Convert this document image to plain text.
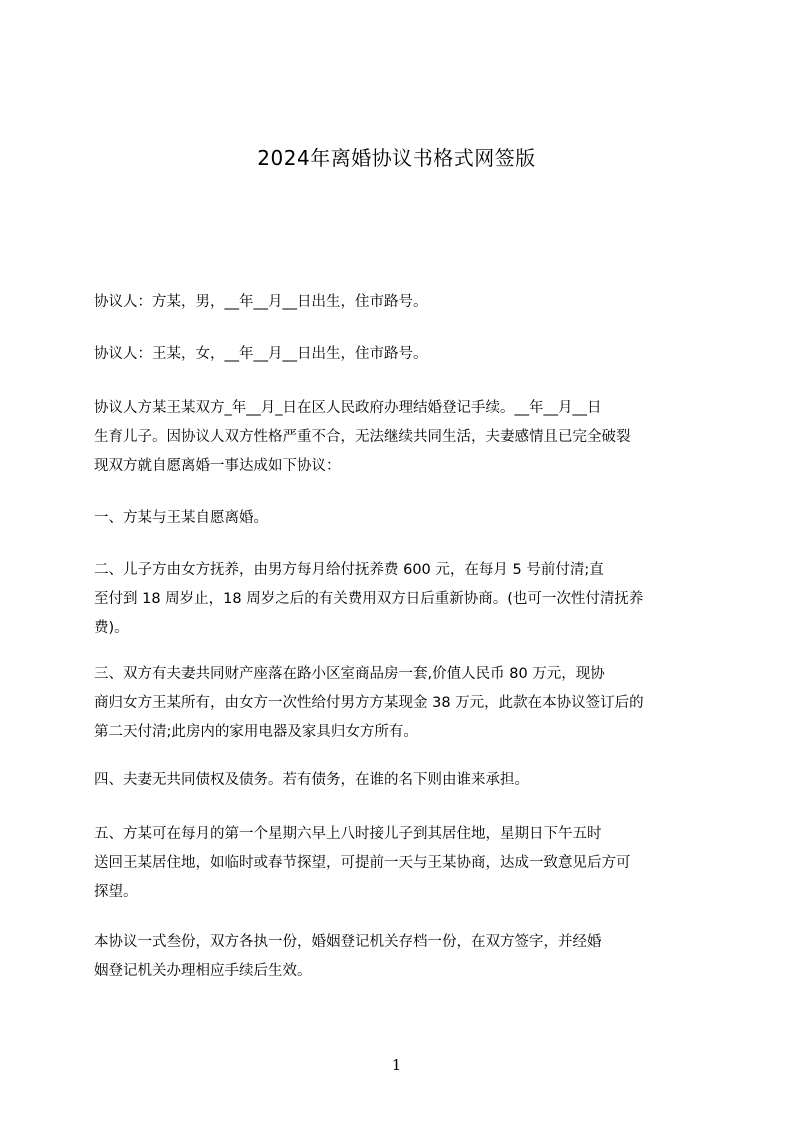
2024年离婚协议书格式网签版
协议人：方某，男，__年__月__日出生，住市路号。
协议人：王某，女，__年__月__日出生，住市路号。
协议人方某王某双方_年__月_日在区人民政府办理结婚登记手续。__年__月__日
生育儿子。因协议人双方性格严重不合，无法继续共同生活，夫妻感情且已完全破裂
现双方就自愿离婚一事达成如下协议：
一、方某与王某自愿离婚。
二、儿子方由女方抚养，由男方每月给付抚养费 600 元，在每月 5 号前付清;直
至付到 18 周岁止，18 周岁之后的有关费用双方日后重新协商。(也可一次性付清抚养
费)。
三、双方有夫妻共同财产座落在路小区室商品房一套,价值人民币 80 万元，现协
商归女方王某所有，由女方一次性给付男方方某现金 38 万元，此款在本协议签订后的
第二天付清;此房内的家用电器及家具归女方所有。
四、夫妻无共同债权及债务。若有债务，在谁的名下则由谁来承担。
五、方某可在每月的第一个星期六早上八时接儿子到其居住地，星期日下午五时
送回王某居住地，如临时或春节探望，可提前一天与王某协商，达成一致意见后方可
探望。
本协议一式叁份，双方各执一份，婚姻登记机关存档一份，在双方签字，并经婚
姻登记机关办理相应手续后生效。
1
